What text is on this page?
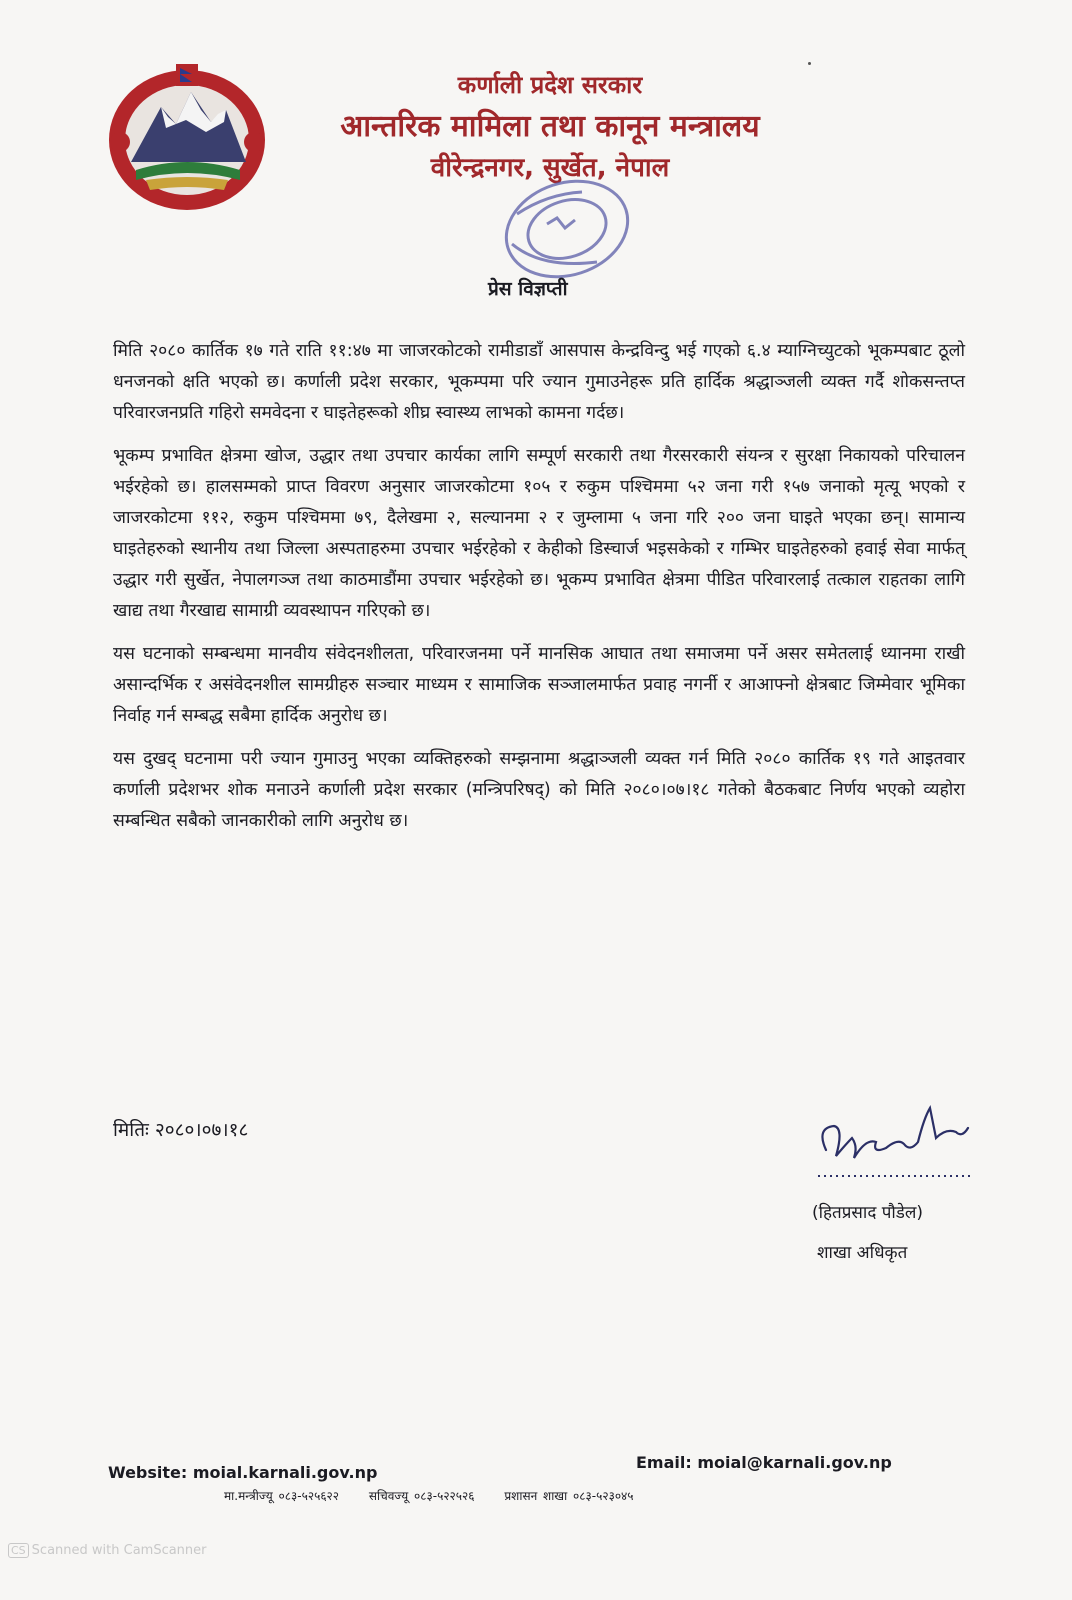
कर्णाली प्रदेश सरकार
आन्तरिक मामिला तथा कानून मन्त्रालय
वीरेन्द्रनगर, सुर्खेत, नेपाल
प्रेस विज्ञप्ती

मिति २०८० कार्तिक १७ गते राति ११:४७ मा जाजरकोटको रामीडाडाँ आसपास केन्द्रविन्दु भई गएको ६.४ म्याग्निच्युटको भूकम्पबाट ठूलो धनजनको क्षति भएको छ। कर्णाली प्रदेश सरकार, भूकम्पमा परि ज्यान गुमाउनेहरू प्रति हार्दिक श्रद्धाञ्जली व्यक्त गर्दै शोकसन्तप्त परिवारजनप्रति गहिरो समवेदना र घाइतेहरूको शीघ्र स्वास्थ्य लाभको कामना गर्दछ।

भूकम्प प्रभावित क्षेत्रमा खोज, उद्धार तथा उपचार कार्यका लागि सम्पूर्ण सरकारी तथा गैरसरकारी संयन्त्र र सुरक्षा निकायको परिचालन भईरहेको छ। हालसम्मको प्राप्त विवरण अनुसार जाजरकोटमा १०५ र रुकुम पश्चिममा ५२ जना गरी १५७ जनाको मृत्यू भएको र जाजरकोटमा ११२, रुकुम पश्चिममा ७९, दैलेखमा २, सल्यानमा २ र जुम्लामा ५ जना गरि २०० जना घाइते भएका छन्। सामान्य घाइतेहरुको स्थानीय तथा जिल्ला अस्पताहरुमा उपचार भईरहेको र केहीको डिस्चार्ज भइसकेको र गम्भिर घाइतेहरुको हवाई सेवा मार्फत् उद्धार गरी सुर्खेत, नेपालगञ्ज तथा काठमाडौंमा उपचार भईरहेको छ। भूकम्प प्रभावित क्षेत्रमा पीडित परिवारलाई तत्काल राहतका लागि खाद्य तथा गैरखाद्य सामाग्री व्यवस्थापन गरिएको छ।

यस घटनाको सम्बन्धमा मानवीय संवेदनशीलता, परिवारजनमा पर्ने मानसिक आघात तथा समाजमा पर्ने असर समेतलाई ध्यानमा राखी असान्दर्भिक र असंवेदनशील सामग्रीहरु सञ्चार माध्यम र सामाजिक सञ्जालमार्फत प्रवाह नगर्नी र आआफ्नो क्षेत्रबाट जिम्मेवार भूमिका निर्वाह गर्न सम्बद्ध सबैमा हार्दिक अनुरोध छ।

यस दुखद् घटनामा परी ज्यान गुमाउनु भएका व्यक्तिहरुको सम्झनामा श्रद्धाञ्जली व्यक्त गर्न मिति २०८० कार्तिक १९ गते आइतवार कर्णाली प्रदेशभर शोक मनाउने कर्णाली प्रदेश सरकार (मन्त्रिपरिषद्) को मिति २०८०।०७।१८ गतेको बैठकबाट निर्णय भएको व्यहोरा सम्बन्धित सबैको जानकारीको लागि अनुरोध छ।

मितिः २०८०।०७।१८
(हितप्रसाद पौडेल)
शाखा अधिकृत
Website: moial.karnali.gov.np
Email: moial@karnali.gov.np
मा.मन्त्रीज्यू ०८३-५२५६२२ सचिवज्यू ०८३-५२२५२६ प्रशासन शाखा ०८३-५२३०४५
CS Scanned with CamScanner
